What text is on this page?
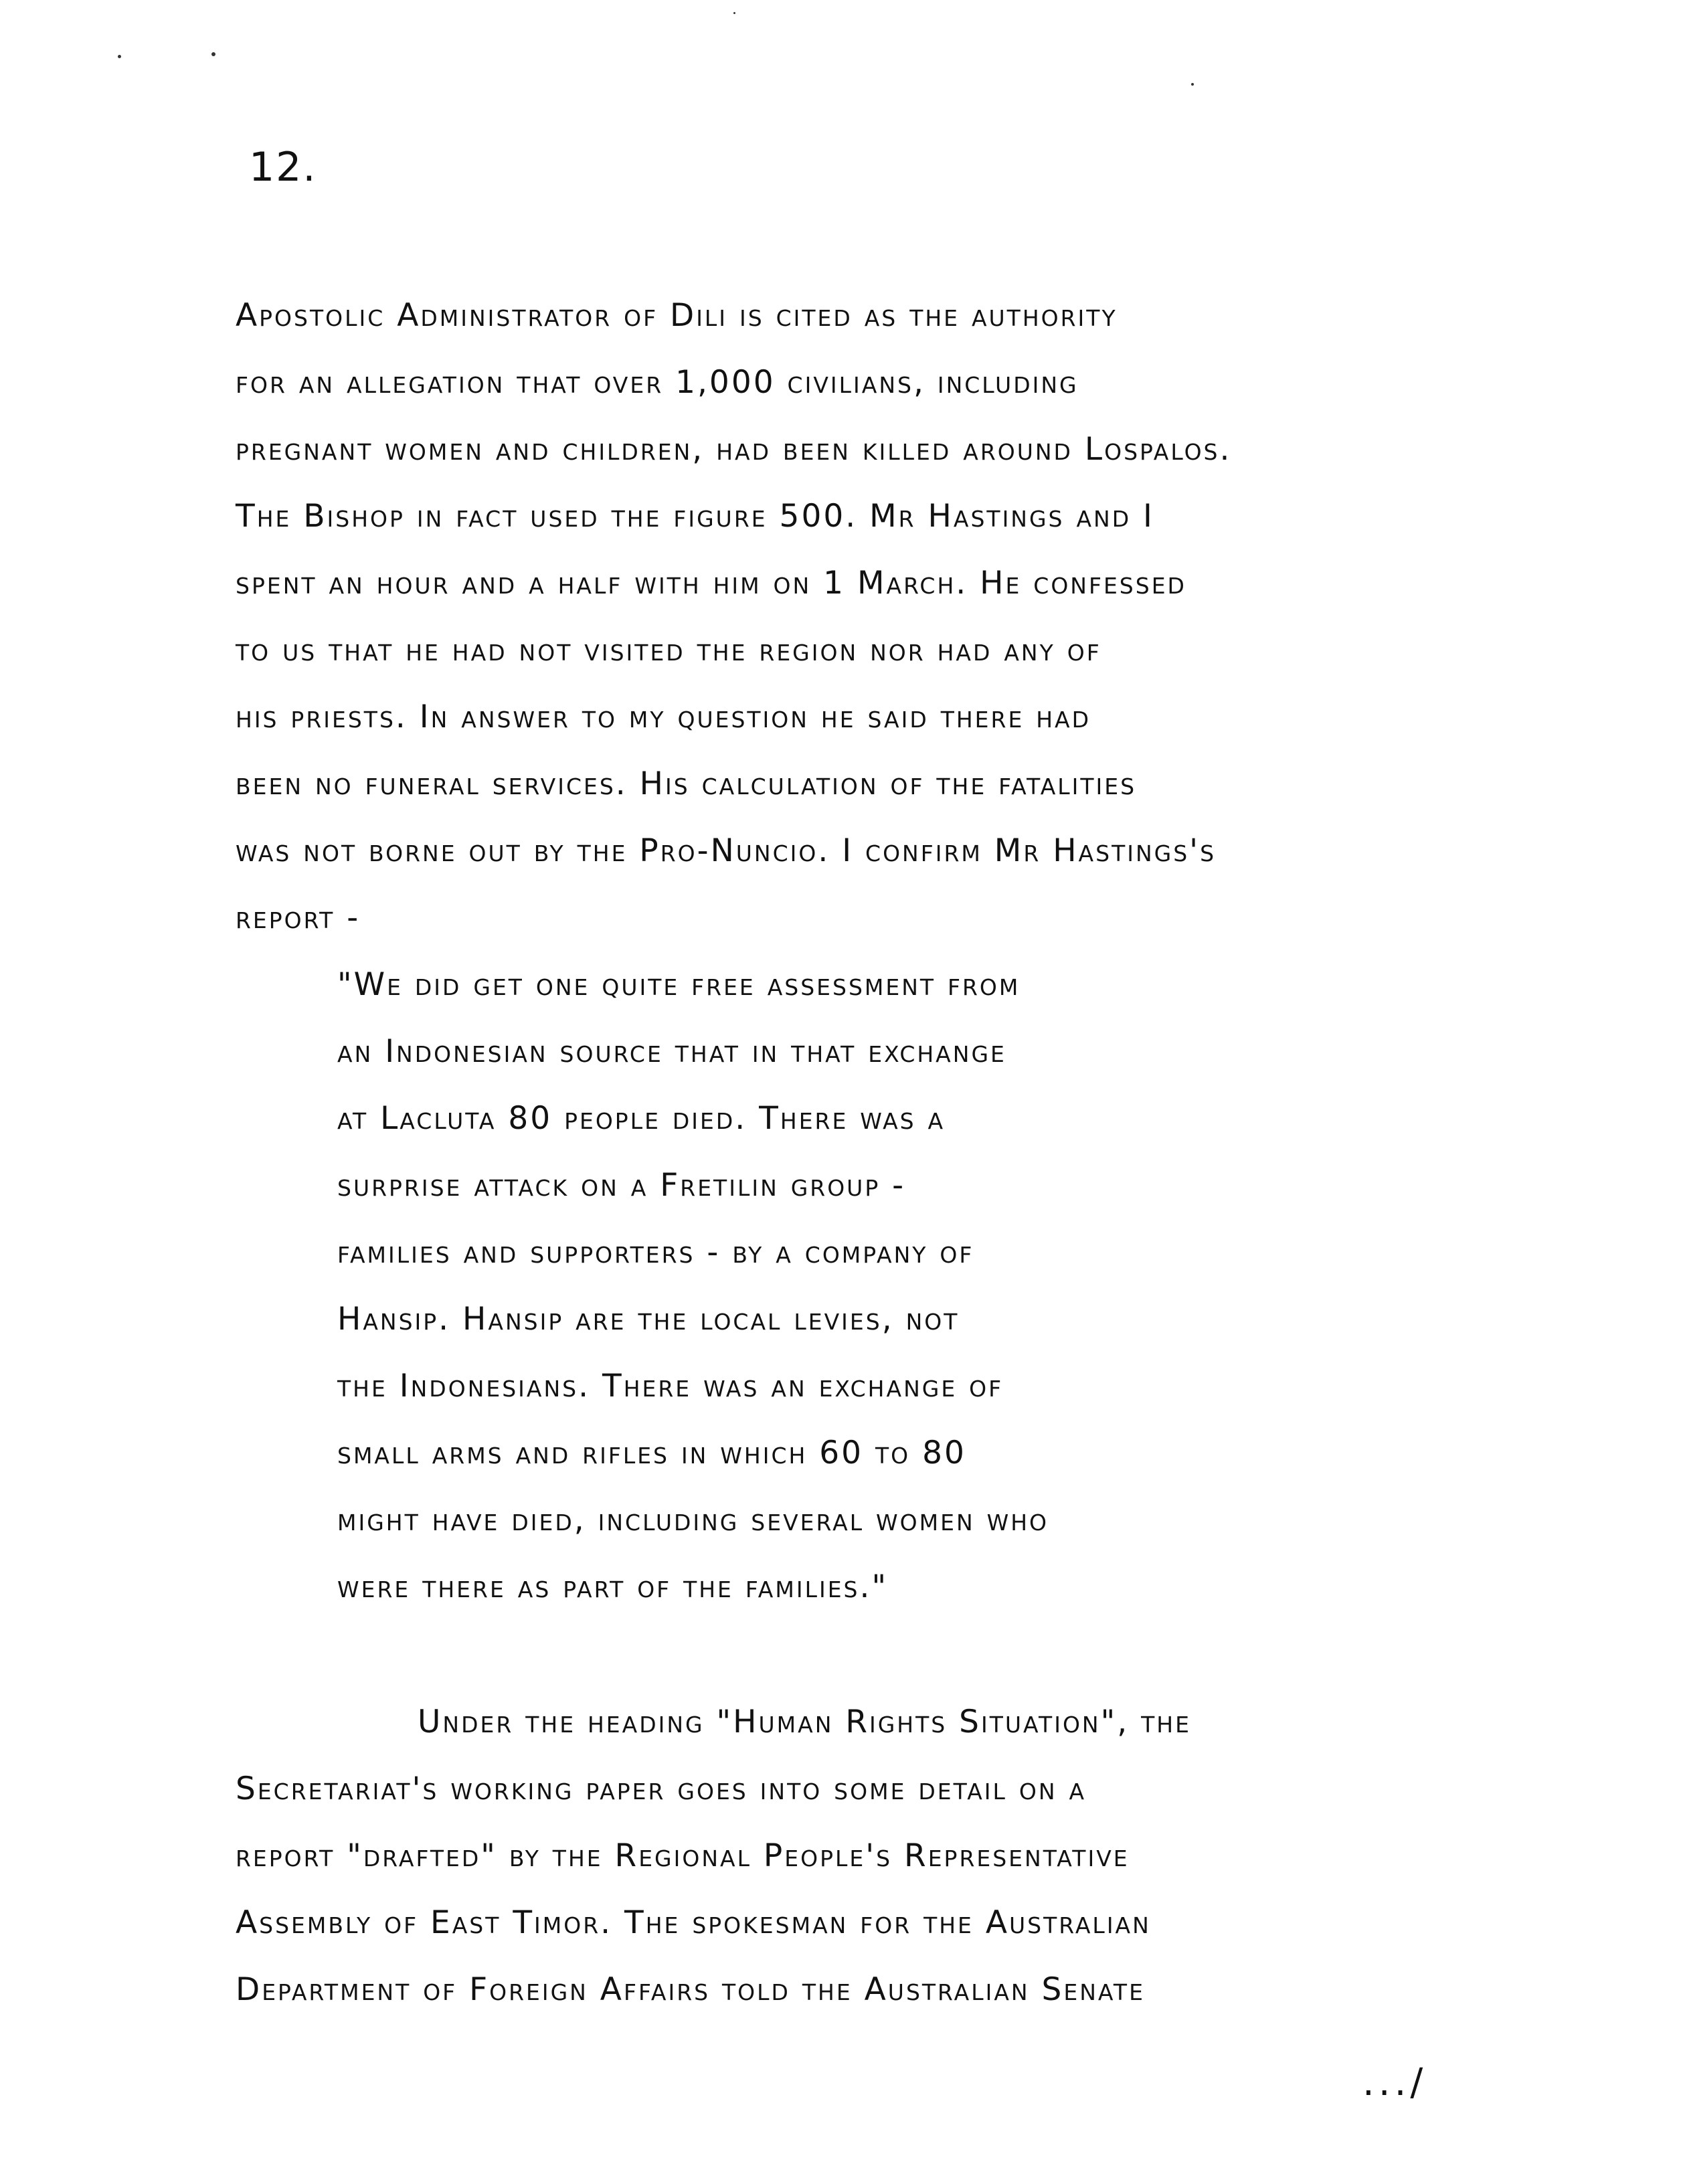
12.
Apostolic Administrator of Dili is cited as the authority
for an allegation that over 1,000 civilians, including
pregnant women and children, had been killed around Lospalos.
The Bishop in fact used the figure 500. Mr Hastings and I
spent an hour and a half with him on 1 March. He confessed
to us that he had not visited the region nor had any of
his priests. In answer to my question he said there had
been no funeral services. His calculation of the fatalities
was not borne out by the Pro-Nuncio. I confirm Mr Hastings's
report -
"We did get one quite free assessment from
an Indonesian source that in that exchange
at Lacluta 80 people died. There was a
surprise attack on a Fretilin group -
families and supporters - by a company of
Hansip. Hansip are the local levies, not
the Indonesians. There was an exchange of
small arms and rifles in which 60 to 80
might have died, including several women who
were there as part of the families."
Under the heading "Human Rights Situation", the
Secretariat's working paper goes into some detail on a
report "drafted" by the Regional People's Representative
Assembly of East Timor. The spokesman for the Australian
Department of Foreign Affairs told the Australian Senate
.../
